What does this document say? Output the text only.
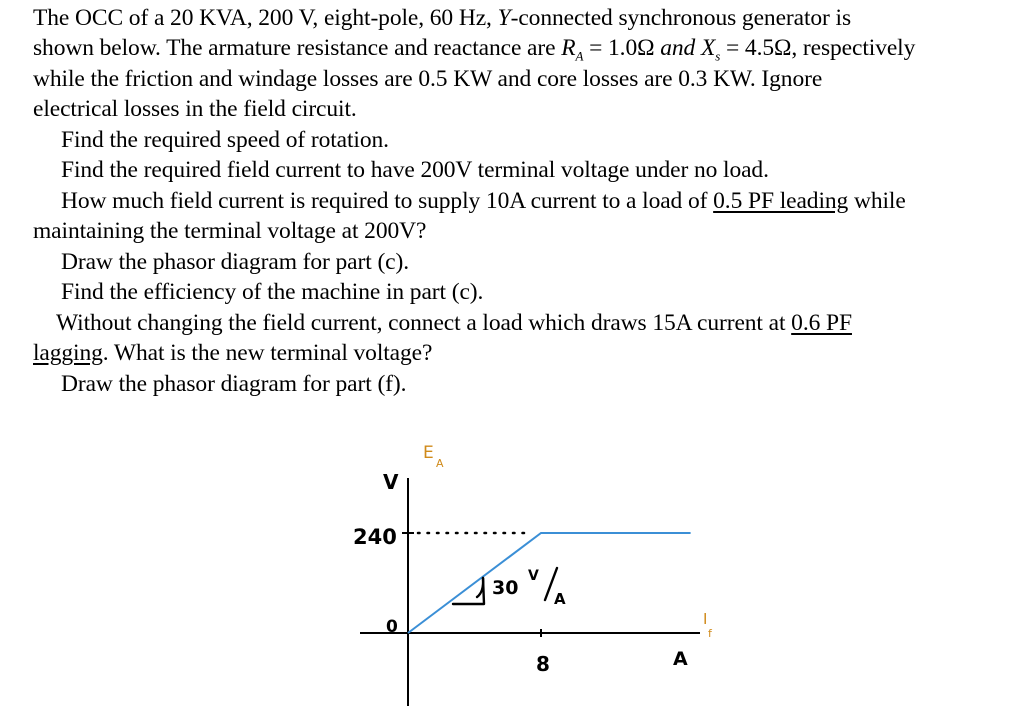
The OCC of a 20 KVA, 200 V, eight-pole, 60 Hz, Y-connected synchronous generator is
shown below. The armature resistance and reactance are $R_A = 1.0\Omega$ and $X_s = 4.5\Omega$, respectively
while the friction and windage losses are 0.5 KW and core losses are 0.3 KW. Ignore
electrical losses in the field circuit.
Find the required speed of rotation.
Find the required field current to have 200V terminal voltage under no load.
How much field current is required to supply 10A current to a load of 0.5 PF leading while
maintaining the terminal voltage at 200V?
Draw the phasor diagram for part (c).
Find the efficiency of the machine in part (c).
Without changing the field current, connect a load which draws 15A current at 0.6 PF
lagging. What is the new terminal voltage?
Draw the phasor diagram for part (f).
E
A
V
240
0
30
V
A
8	A
I
f
